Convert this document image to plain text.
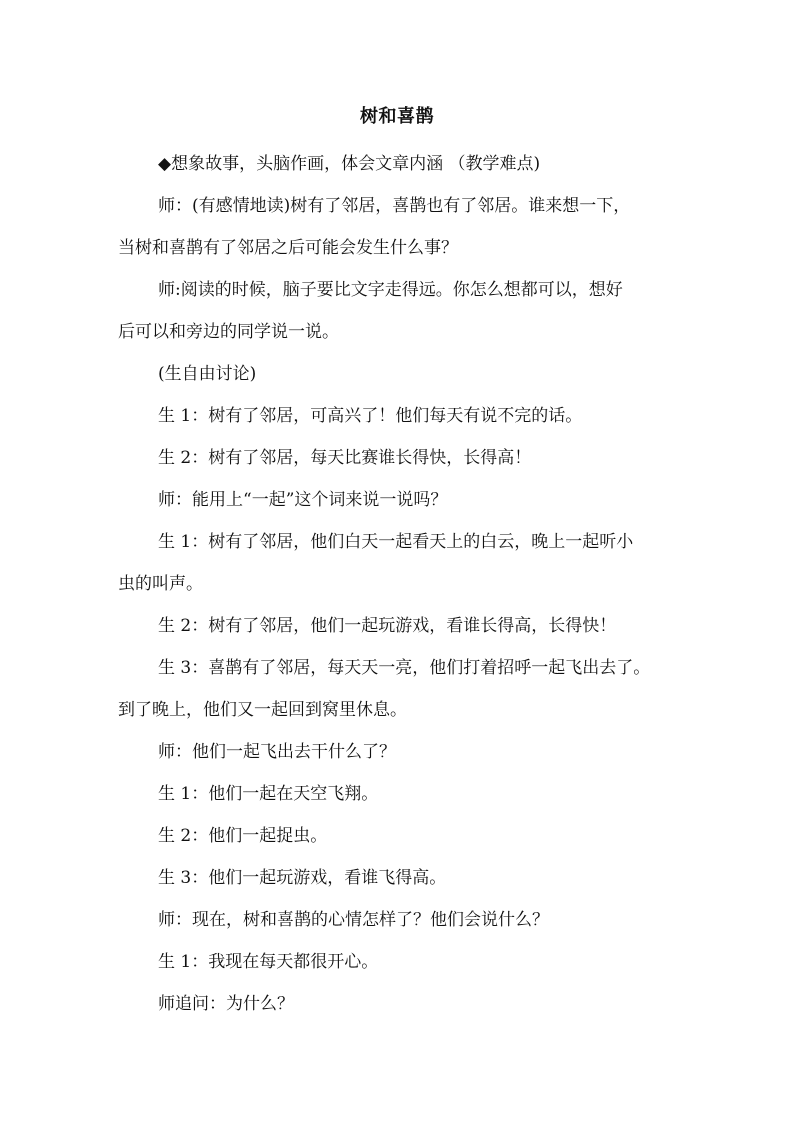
树和喜鹊

◆想象故事，头脑作画，体会文章内涵 （教学难点)

师：(有感情地读)树有了邻居，喜鹊也有了邻居。谁来想一下，

当树和喜鹊有了邻居之后可能会发生什么事？

师:阅读的时候，脑子要比文字走得远。你怎么想都可以，想好

后可以和旁边的同学说一说。

(生自由讨论)

生 1：树有了邻居，可高兴了！他们每天有说不完的话。

生 2：树有了邻居，每天比赛谁长得快，长得高！

师：能用上“一起”这个词来说一说吗？

生 1：树有了邻居，他们白天一起看天上的白云，晚上一起听小

虫的叫声。

生 2：树有了邻居，他们一起玩游戏，看谁长得高，长得快！

生 3：喜鹊有了邻居，每天天一亮，他们打着招呼一起飞出去了。

到了晚上，他们又一起回到窝里休息。

师：他们一起飞出去干什么了？

生 1：他们一起在天空飞翔。

生 2：他们一起捉虫。

生 3：他们一起玩游戏，看谁飞得高。

师：现在，树和喜鹊的心情怎样了？他们会说什么？

生 1：我现在每天都很开心。

师追问：为什么？
